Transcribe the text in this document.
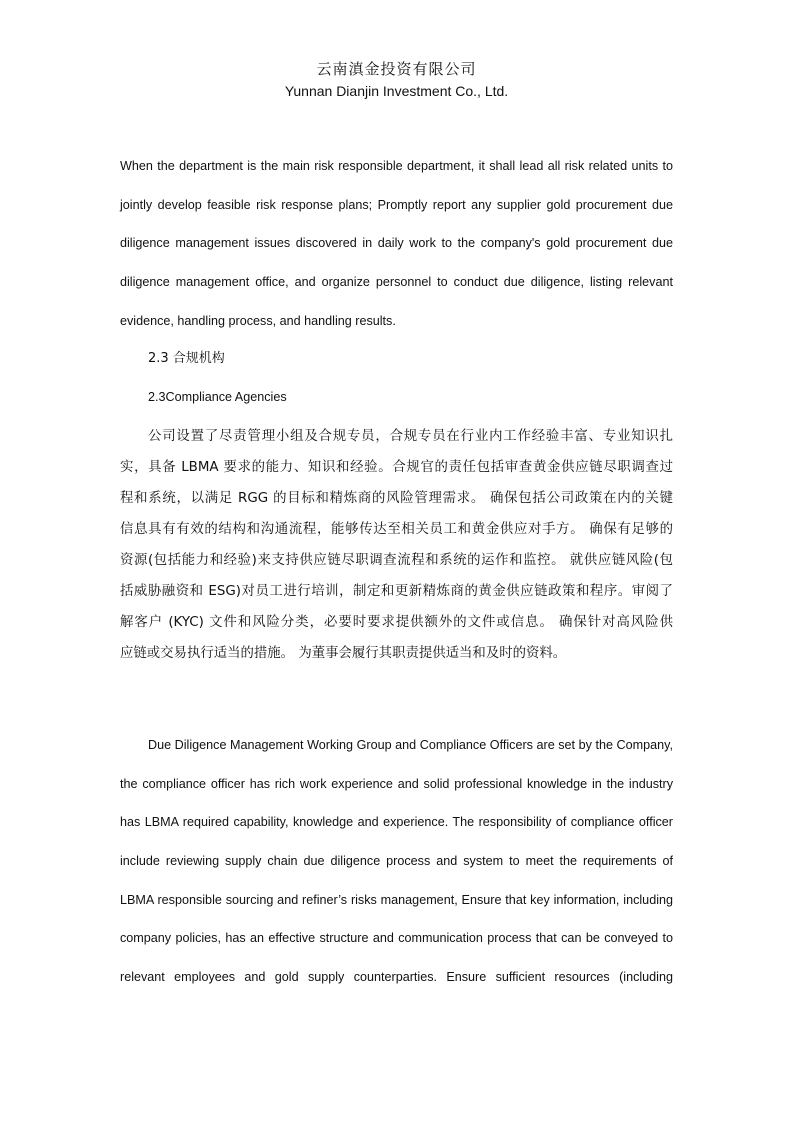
云南滇金投资有限公司
Yunnan Dianjin Investment Co., Ltd.
When the department is the main risk responsible department, it shall lead all risk related units to
jointly develop feasible risk response plans; Promptly report any supplier gold procurement due
diligence management issues discovered in daily work to the company's gold procurement due
diligence management office, and organize personnel to conduct due diligence, listing relevant
evidence, handling process, and handling results.
2.3 合规机构
2.3Compliance Agencies
公司设置了尽责管理小组及合规专员，合规专员在行业内工作经验丰富、专业知识扎
实，具备 LBMA 要求的能力、知识和经验。合规官的责任包括审查黄金供应链尽职调查过
程和系统，以满足 RGG 的目标和精炼商的风险管理需求。 确保包括公司政策在内的关键
信息具有有效的结构和沟通流程，能够传达至相关员工和黄金供应对手方。 确保有足够的
资源(包括能力和经验)来支持供应链尽职调查流程和系统的运作和监控。 就供应链风险(包
括威胁融资和 ESG)对员工进行培训，制定和更新精炼商的黄金供应链政策和程序。审阅了
解客户 (KYC) 文件和风险分类，必要时要求提供额外的文件或信息。 确保针对高风险供
应链或交易执行适当的措施。 为董事会履行其职责提供适当和及时的资料。
Due Diligence Management Working Group and Compliance Officers are set by the Company,
the compliance officer has rich work experience and solid professional knowledge in the industry
has LBMA required capability, knowledge and experience. The responsibility of compliance officer
include reviewing supply chain due diligence process and system to meet the requirements of
LBMA responsible sourcing and refiner’s risks management, Ensure that key information, including
company policies, has an effective structure and communication process that can be conveyed to
relevant employees and gold supply counterparties. Ensure sufficient resources (including
